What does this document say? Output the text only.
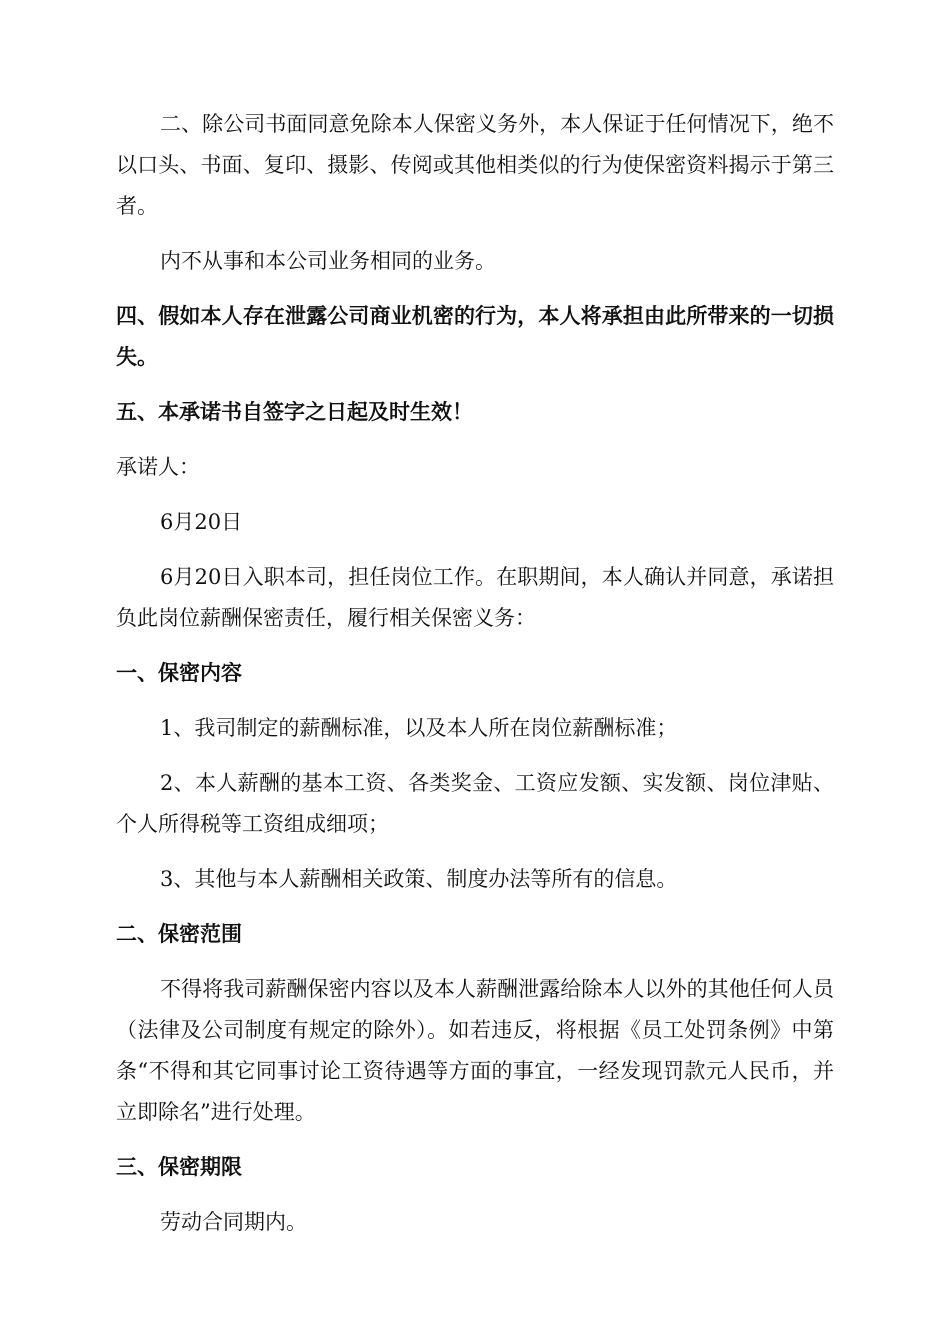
二、除公司书面同意免除本人保密义务外，本人保证于任何情况下，绝不以口头、书面、复印、摄影、传阅或其他相类似的行为使保密资料揭示于第三者。

内不从事和本公司业务相同的业务。

四、假如本人存在泄露公司商业机密的行为，本人将承担由此所带来的一切损失。

五、本承诺书自签字之日起及时生效！

承诺人：

6月20日

6月20日入职本司，担任岗位工作。在职期间，本人确认并同意，承诺担负此岗位薪酬保密责任，履行相关保密义务：

一、保密内容

1、我司制定的薪酬标准，以及本人所在岗位薪酬标准；

2、本人薪酬的基本工资、各类奖金、工资应发额、实发额、岗位津贴、个人所得税等工资组成细项；

3、其他与本人薪酬相关政策、制度办法等所有的信息。

二、保密范围

不得将我司薪酬保密内容以及本人薪酬泄露给除本人以外的其他任何人员（法律及公司制度有规定的除外）。如若违反，将根据《员工处罚条例》中第条“不得和其它同事讨论工资待遇等方面的事宜，一经发现罚款元人民币，并立即除名”进行处理。

三、保密期限

劳动合同期内。
